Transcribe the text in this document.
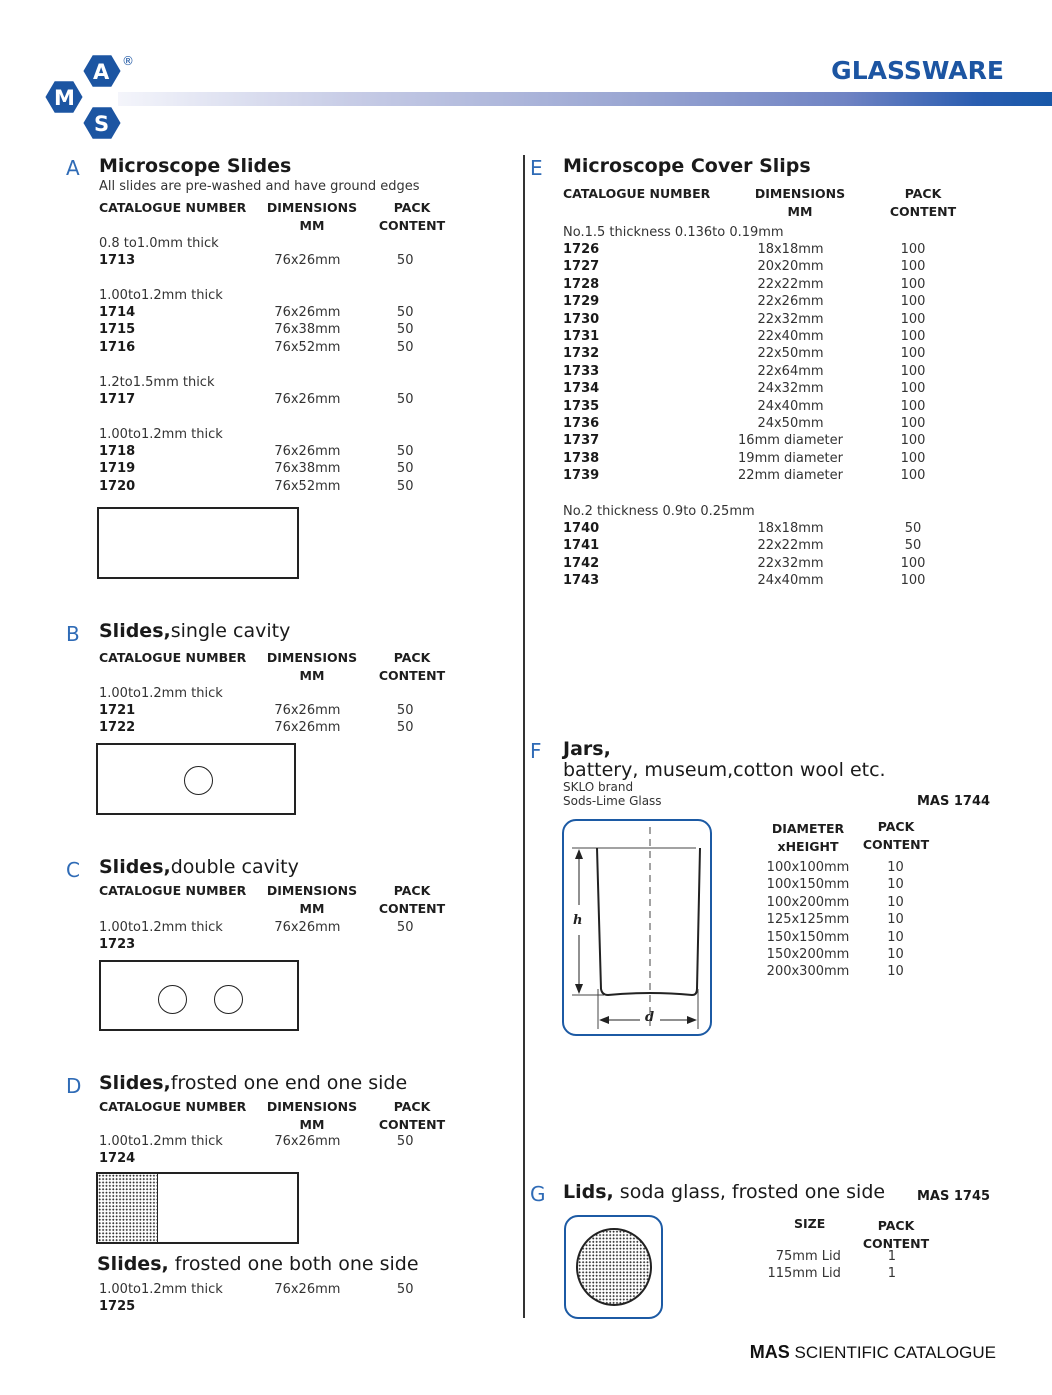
A
M
S
®	GLASSWARE
A Microscope Slides
All slides are pre-washed and have ground edges
CATALOGUE NUMBER	DIMENSIONS
MM
PACK
CONTENT
0.8 to1.0mm thick
1713	76x26mm	50
1.00to1.2mm thick
1714	76x26mm	50
1715	76x38mm	50
1716	76x52mm	50
1.2to1.5mm thick
1717	76x26mm	50
1.00to1.2mm thick
1718	76x26mm	50
1719	76x38mm	50
1720	76x52mm	50
B Slides,single cavity
CATALOGUE NUMBER	DIMENSIONS
MM
PACK
CONTENT
1.00to1.2mm thick
1721	76x26mm	50
1722	76x26mm	50
C Slides,double cavity
CATALOGUE NUMBER	DIMENSIONS
MM
PACK
CONTENT
1.00to1.2mm thick	76x26mm	50
1723
D Slides,frosted one end one side
CATALOGUE NUMBER	DIMENSIONS
MM
PACK
CONTENT
1.00to1.2mm thick	76x26mm	50
1724
Slides, frosted one both one side
1.00to1.2mm thick	76x26mm	50
1725
E Microscope Cover Slips
CATALOGUE NUMBER	DIMENSIONS
MM
PACK
CONTENT
No.1.5 thickness 0.136to 0.19mm
1726	18x18mm	100
1727	20x20mm	100
1728	22x22mm	100
1729	22x26mm	100
1730	22x32mm	100
1731	22x40mm	100
1732	22x50mm	100
1733	22x64mm	100
1734	24x32mm	100
1735	24x40mm	100
1736	24x50mm	100
1737	16mm diameter	100
1738	19mm diameter	100
1739	22mm diameter	100
No.2 thickness 0.9to 0.25mm
1740	18x18mm	50
1741	22x22mm	50
1742	22x32mm	100
1743	24x40mm	100
F Jars,
battery, museum,cotton wool etc.
SKLO brand
Sods-Lime Glass	MAS 1744
h
d
DIAMETER
xHEIGHT
PACK
CONTENT
100x100mm	10
100x150mm	10
100x200mm	10
125x125mm	10
150x150mm	10
150x200mm	10
200x300mm	10
G Lids, soda glass, frosted one side MAS 1745
SIZE	PACK
CONTENT
75mm Lid	1
115mm Lid	1
MAS SCIENTIFIC CATALOGUE
